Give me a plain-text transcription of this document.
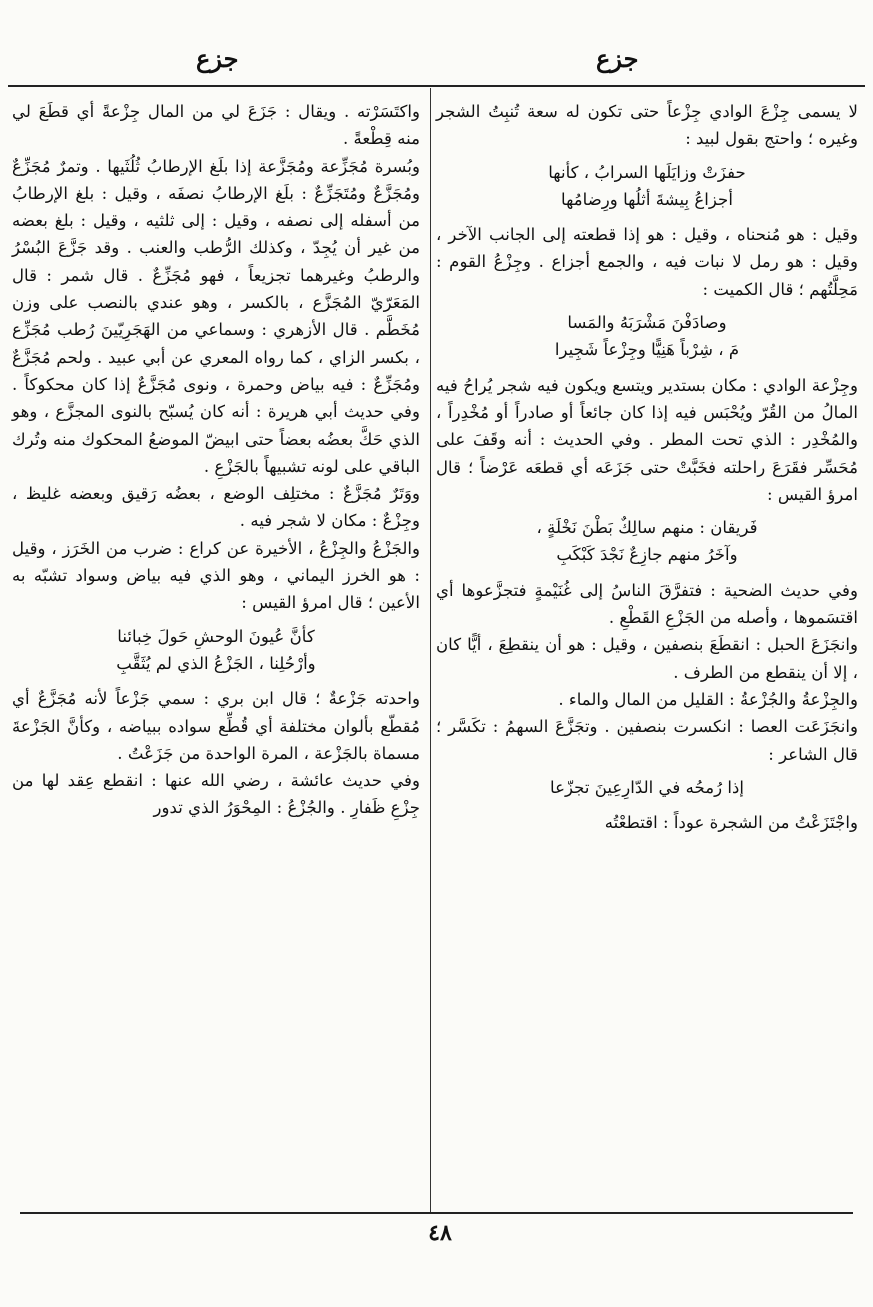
جزع
جزع

لا يسمى جِزْعَ الوادي جِزْعاً حتى تكون له سعة تُنبِتُ الشجر وغيره ؛ واحتج بقول لبيد :

حفزَتْ وزايَلَها السرابُ ، كأنها
أجزاعُ بِيشةَ أثلُها ورِضامُها

وقيل : هو مُنحناه ، وقيل : هو إذا قطعته إلى الجانب الآخر ، وقيل : هو رمل لا نبات فيه ، والجمع أجزاع . وجِزْعُ القوم : مَحِلَّتُهم ؛ قال الكميت :

وصادَفْنَ مَشْرَبَهُ والمَسا
مَ ، شِرْباً هَنِيًّا وجِزْعاً شَجِيرا

وجِزْعة الوادي : مكان بستدير ويتسع ويكون فيه شجر يُراحُ فيه المالُ من القُرّ ويُحْبَس فيه إذا كان جائعاً أو صادراً أو مُخْدِراً ، والمُخْدِر : الذي تحت المطر . وفي الحديث : أنه وقَفَ على مُحَسِّر فقَرَعَ راحلته فخَبَّتْ حتى جَزَعَه أي قطعَه عَرْضاً ؛ قال امرؤ القيس :

فَريقان : منهم سالِكٌ بَطْنَ نَخْلَةٍ ،
وآخَرُ منهم جازِعٌ نَجْدَ كَبْكَبِ

وفي حديث الضحية : فتفرَّقَ الناسُ إلى غُنَيْمةٍ فتجزَّعوها أي اقتسَموها ، وأصله من الجَزْعِ القَطْعِ .

وانجَزَعَ الحبل : انقطَعَ بنصفين ، وقيل : هو أن ينقطِعَ ، أيًّا كان ، إلا أن ينقطع من الطرف .

والجِزْعةُ والجُزْعةُ : القليل من المال والماء .

وانجَزَعَت العصا : انكسرت بنصفين . وتجَزَّعَ السهمُ : تكَسَّر ؛ قال الشاعر :

إذا رُمحُه في الدّارِعِينَ تجزّعا

واجْتَزَعْتُ من الشجرة عوداً : اقتطعْتُه

واكتَسَرْته . ويقال : جَزَعَ لي من المال جِزْعةً أي قطَعَ لي منه قِطْعةً .

وبُسرة مُجَزِّعة ومُجَزَّعة إذا بلَغ الإرطابُ ثُلُثَيها . وتمرٌ مُجَزِّعٌ ومُجَزَّعٌ ومُتَجَزِّعٌ : بلَغ الإرطابُ نصفَه ، وقيل : بلغ الإرطابُ من أسفله إلى نصفه ، وقيل : إلى ثلثيه ، وقيل : بلغ بعضه من غير أن يُجِدّ ، وكذلك الرُّطب والعنب . وقد جَزَّعَ البُسْرُ والرطبُ وغيرهما تجزيعاً ، فهو مُجَزِّعٌ . قال شمر : قال المَعَرّيّ المُجَزَّع ، بالكسر ، وهو عندي بالنصب على وزن مُخَطَّم . قال الأزهري : وسماعي من الهَجَرِيّينَ رُطب مُجَزِّع ، بكسر الزاي ، كما رواه المعري عن أبي عبيد . ولحم مُجَزَّعٌ ومُجَزِّعٌ : فيه بياض وحمرة ، ونوى مُجَزَّعٌ إذا كان محكوكاً . وفي حديث أبي هريرة : أنه كان يُسبّح بالنوى المجزَّع ، وهو الذي حَكَّ بعضُه بعضاً حتى ابيضّ الموضعُ المحكوك منه وتُرك الباقي على لونه تشبيهاً بالجَزْعِ .

ووَتَرٌ مُجَزَّعٌ : مختلِف الوضع ، بعضُه رَقيق وبعضه غليظ ، وجِزْعٌ : مكان لا شجر فيه .

والجَزْعُ والجِزْعُ ، الأخيرة عن كراع : ضرب من الخَرَز ، وقيل : هو الخرز اليماني ، وهو الذي فيه بياض وسواد تشبّه به الأعين ؛ قال امرؤ القيس :

كأنَّ عُيونَ الوحشِ حَولَ خِبائنا
وأرْحُلِنا ، الجَزْعُ الذي لم يُثَقَّبِ

واحدته جَزْعةٌ ؛ قال ابن بري : سمي جَزْعاً لأنه مُجَزَّعٌ أي مُقطّع بألوان مختلفة أي قُطِّع سواده ببياضه ، وكأنَّ الجَزْعةَ مسماة بالجَزْعة ، المرة الواحدة من جَزَعْتُ .

وفي حديث عائشة ، رضي الله عنها : انقطع عِقد لها من جِزْعِ ظَفارِ . والجُزْعُ : المِحْوَرُ الذي تدور

٤٨
